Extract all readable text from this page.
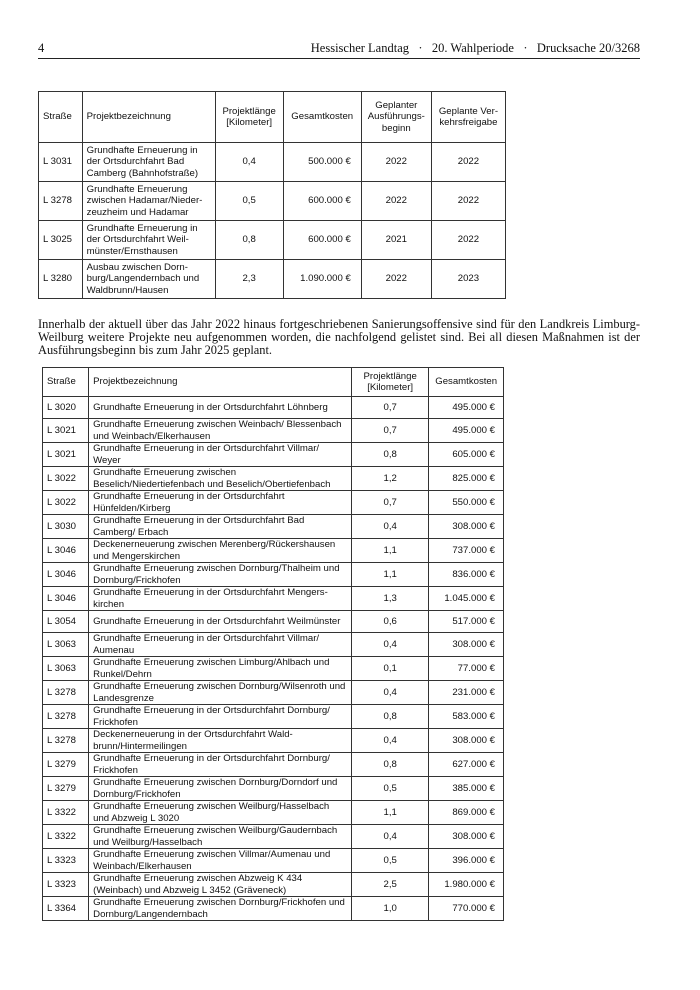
4	Hessischer Landtag   ·   20. Wahlperiode   ·   Drucksache 20/3268
Straße	Projektbezeichnung	Projektlänge [Kilometer]	Gesamtkosten	Geplanter Ausführungs-beginn	Geplante Ver-kehrsfreigabe
L 3031	Grundhafte Erneuerung in der Ortsdurchfahrt Bad Camberg (Bahnhofstraße)	0,4	500.000 €	2022	2022
L 3278	Grundhafte Erneuerung zwischen Hadamar/Nieder-zeuzheim und Hadamar	0,5	600.000 €	2022	2022
L 3025	Grundhafte Erneuerung in der Ortsdurchfahrt Weil-münster/Ernsthausen	0,8	600.000 €	2021	2022
L 3280	Ausbau zwischen Dorn-burg/Langendernbach und Waldbrunn/Hausen	2,3	1.090.000 €	2022	2023
Innerhalb der aktuell über das Jahr 2022 hinaus fortgeschriebenen Sanierungsoffensive sind für den Landkreis Limburg-Weilburg weitere Projekte neu aufgenommen worden, die nachfolgend gelistet sind. Bei all diesen Maßnahmen ist der Ausführungsbeginn bis zum Jahr 2025 geplant.
Straße	Projektbezeichnung	Projektlänge [Kilometer]	Gesamtkosten
L 3020	Grundhafte Erneuerung in der Ortsdurchfahrt Löhnberg	0,7	495.000 €
L 3021	Grundhafte Erneuerung zwischen Weinbach/ Blessenbach und Weinbach/Elkerhausen	0,7	495.000 €
L 3021	Grundhafte Erneuerung in der Ortsdurchfahrt Villmar/ Weyer	0,8	605.000 €
L 3022	Grundhafte Erneuerung zwischen Beselich/Niedertiefenbach und Beselich/Obertiefenbach	1,2	825.000 €
L 3022	Grundhafte Erneuerung in der Ortsdurchfahrt Hünfelden/Kirberg	0,7	550.000 €
L 3030	Grundhafte Erneuerung in der Ortsdurchfahrt Bad Camberg/ Erbach	0,4	308.000 €
L 3046	Deckenerneuerung zwischen Merenberg/Rückershausen und Mengerskirchen	1,1	737.000 €
L 3046	Grundhafte Erneuerung zwischen Dornburg/Thalheim und Dornburg/Frickhofen	1,1	836.000 €
L 3046	Grundhafte Erneuerung in der Ortsdurchfahrt Mengers-kirchen	1,3	1.045.000 €
L 3054	Grundhafte Erneuerung in der Ortsdurchfahrt Weilmünster	0,6	517.000 €
L 3063	Grundhafte Erneuerung in der Ortsdurchfahrt Villmar/ Aumenau	0,4	308.000 €
L 3063	Grundhafte Erneuerung zwischen Limburg/Ahlbach und Runkel/Dehrn	0,1	77.000 €
L 3278	Grundhafte Erneuerung zwischen Dornburg/Wilsenroth und Landesgrenze	0,4	231.000 €
L 3278	Grundhafte Erneuerung in der Ortsdurchfahrt Dornburg/ Frickhofen	0,8	583.000 €
L 3278	Deckenerneuerung in der Ortsdurchfahrt Wald-brunn/Hintermeilingen	0,4	308.000 €
L 3279	Grundhafte Erneuerung in der Ortsdurchfahrt Dornburg/ Frickhofen	0,8	627.000 €
L 3279	Grundhafte Erneuerung zwischen Dornburg/Dorndorf und Dornburg/Frickhofen	0,5	385.000 €
L 3322	Grundhafte Erneuerung zwischen Weilburg/Hasselbach und Abzweig L 3020	1,1	869.000 €
L 3322	Grundhafte Erneuerung zwischen Weilburg/Gaudernbach und Weilburg/Hasselbach	0,4	308.000 €
L 3323	Grundhafte Erneuerung zwischen Villmar/Aumenau und Weinbach/Elkerhausen	0,5	396.000 €
L 3323	Grundhafte Erneuerung zwischen Abzweig K 434 (Weinbach) und Abzweig L 3452 (Gräveneck)	2,5	1.980.000 €
L 3364	Grundhafte Erneuerung zwischen Dornburg/Frickhofen und Dornburg/Langendernbach	1,0	770.000 €
